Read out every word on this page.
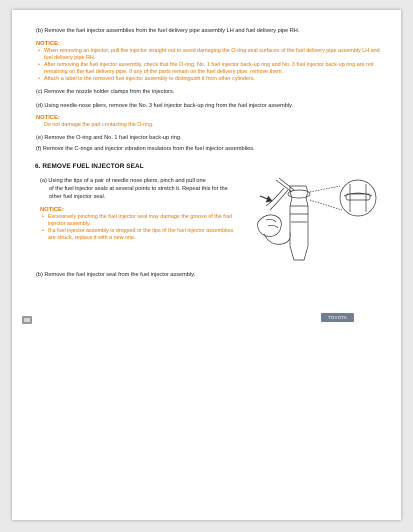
(b) Remove the fuel injector assemblies from the fuel delivery pipe assembly LH and fuel delivery pipe RH.

NOTICE:
• When removing an injector, pull the injector straight out to avoid damaging the O-ring seal surfaces of the fuel delivery pipe assembly LH and fuel delivery pipe RH.
• After removing the fuel injector assembly, check that the O-ring, No. 1 fuel injector back-up ring and No. 3 fuel injector back-up ring are not remaining on the fuel delivery pipe. If any of the parts remain on the fuel delivery pipe, remove them.
• Attach a label to the removed fuel injector assembly to distinguish it from other cylinders.

(c) Remove the nozzle holder clamps from the injectors.

(d) Using needle-nose pliers, remove the No. 3 fuel injector back-up ring from the fuel injector assembly.

NOTICE:

Do not damage the part contacting the O-ring.

(e) Remove the O-ring and No. 1 fuel injector back-up ring.

(f) Remove the C-rings and injector vibration insulators from the fuel injector assemblies.

6. REMOVE FUEL INJECTOR SEAL

(a) Using the tips of a pair of needle nose pliers, pinch and pull one

of the fuel injector seals at several points to stretch it. Repeat this for the other fuel injector seal.

NOTICE:
• Excessively pinching the fuel injector seal may damage the groove of the fuel injector assembly.
• If a fuel injector assembly is dropped or the tips of the fuel injector assemblies are struck, replace it with a new one.

(b) Remove the fuel injector seal from the fuel injector assembly.

TOYOTA
